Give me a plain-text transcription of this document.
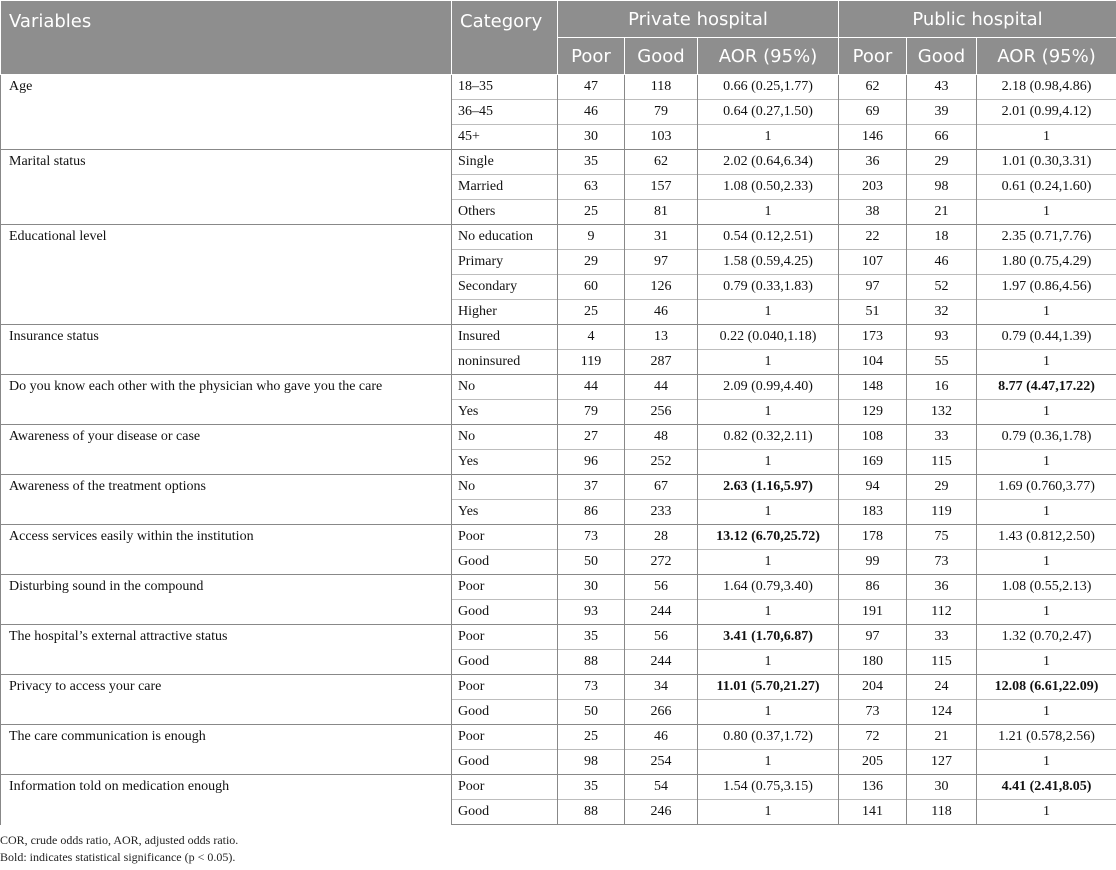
Variables	Category	Private hospital			Public hospital		
		Poor	Good	AOR (95%)	Poor	Good	AOR (95%)
Age	18–35	47	118	0.66 (0.25,1.77)	62	43	2.18 (0.98,4.86)
	36–45	46	79	0.64 (0.27,1.50)	69	39	2.01 (0.99,4.12)
	45+	30	103	1	146	66	1
Marital status	Single	35	62	2.02 (0.64,6.34)	36	29	1.01 (0.30,3.31)
	Married	63	157	1.08 (0.50,2.33)	203	98	0.61 (0.24,1.60)
	Others	25	81	1	38	21	1
Educational level	No education	9	31	0.54 (0.12,2.51)	22	18	2.35 (0.71,7.76)
	Primary	29	97	1.58 (0.59,4.25)	107	46	1.80 (0.75,4.29)
	Secondary	60	126	0.79 (0.33,1.83)	97	52	1.97 (0.86,4.56)
	Higher	25	46	1	51	32	1
Insurance status	Insured	4	13	0.22 (0.040,1.18)	173	93	0.79 (0.44,1.39)
	noninsured	119	287	1	104	55	1
Do you know each other with the physician who gave you the care	No	44	44	2.09 (0.99,4.40)	148	16	8.77 (4.47,17.22)
	Yes	79	256	1	129	132	1
Awareness of your disease or case	No	27	48	0.82 (0.32,2.11)	108	33	0.79 (0.36,1.78)
	Yes	96	252	1	169	115	1
Awareness of the treatment options	No	37	67	2.63 (1.16,5.97)	94	29	1.69 (0.760,3.77)
	Yes	86	233	1	183	119	1
Access services easily within the institution	Poor	73	28	13.12 (6.70,25.72)	178	75	1.43 (0.812,2.50)
	Good	50	272	1	99	73	1
Disturbing sound in the compound	Poor	30	56	1.64 (0.79,3.40)	86	36	1.08 (0.55,2.13)
	Good	93	244	1	191	112	1
The hospital’s external attractive status	Poor	35	56	3.41 (1.70,6.87)	97	33	1.32 (0.70,2.47)
	Good	88	244	1	180	115	1
Privacy to access your care	Poor	73	34	11.01 (5.70,21.27)	204	24	12.08 (6.61,22.09)
	Good	50	266	1	73	124	1
The care communication is enough	Poor	25	46	0.80 (0.37,1.72)	72	21	1.21 (0.578,2.56)
	Good	98	254	1	205	127	1
Information told on medication enough	Poor	35	54	1.54 (0.75,3.15)	136	30	4.41 (2.41,8.05)
	Good	88	246	1	141	118	1

COR, crude odds ratio, AOR, adjusted odds ratio.

Bold: indicates statistical significance (p < 0.05).
